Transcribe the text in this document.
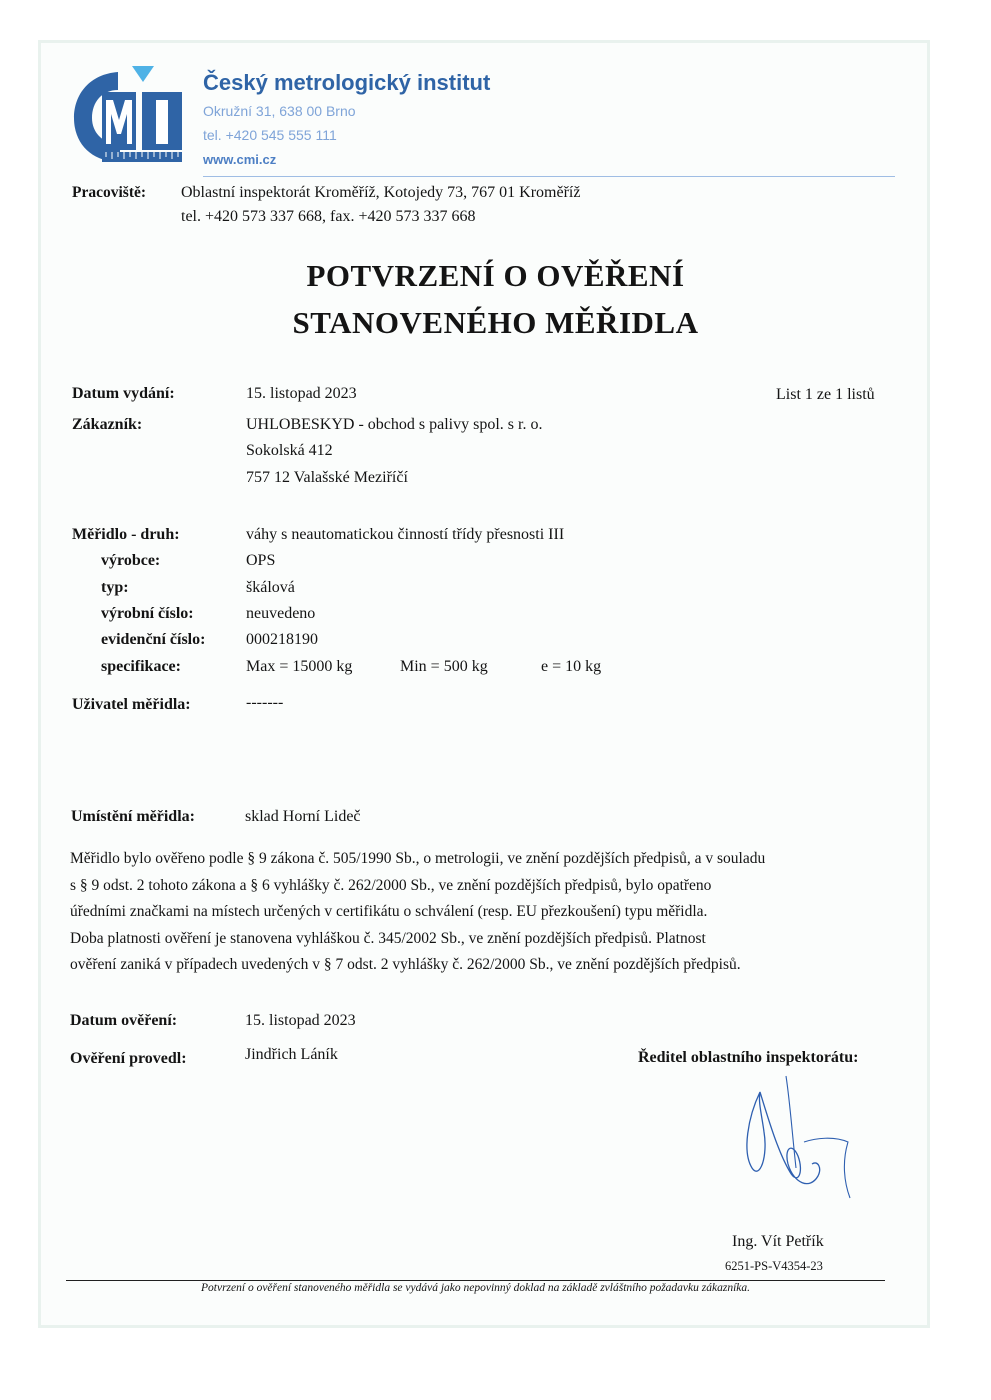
Český metrologický institut
Okružní 31, 638 00 Brno
tel. +420 545 555 111
www.cmi.cz
Pracoviště: Oblastní inspektorát Kroměříž, Kotojedy 73, 767 01 Kroměříž
tel. +420 573 337 668, fax. +420 573 337 668
POTVRZENÍ O OVĚŘENÍ
STANOVENÉHO MĚŘIDLA
Datum vydání:	15. listopad 2023	List 1 ze 1 listů
Zákazník:	UHLOBESKYD - obchod s palivy spol. s r. o.
Sokolská 412
757 12 Valašské Meziříčí
Měřidlo - druh:	váhy s neautomatickou činností třídy přesnosti III
výrobce:	OPS
typ:	škálová
výrobní číslo:	neuvedeno
evidenční číslo:	000218190
specifikace:	Max = 15000 kg	Min = 500 kg	e = 10 kg
Uživatel měřidla:	-------
Umístění měřidla:	sklad Horní Lideč

Měřidlo bylo ověřeno podle § 9 zákona č. 505/1990 Sb., o metrologii, ve znění pozdějších předpisů, a v souladu

s § 9 odst. 2 tohoto zákona a § 6 vyhlášky č. 262/2000 Sb., ve znění pozdějších předpisů, bylo opatřeno

úředními značkami na místech určených v certifikátu o schválení (resp. EU přezkoušení) typu měřidla.

Doba platnosti ověření je stanovena vyhláškou č. 345/2002 Sb., ve znění pozdějších předpisů. Platnost

ověření zaniká v případech uvedených v § 7 odst. 2 vyhlášky č. 262/2000 Sb., ve znění pozdějších předpisů.

Datum ověření:	15. listopad 2023
Ověření provedl:	Jindřich Láník	Ředitel oblastního inspektorátu:
Ing. Vít Petřík
6251-PS-V4354-23
Potvrzení o ověření stanoveného měřidla se vydává jako nepovinný doklad na základě zvláštního požadavku zákazníka.
